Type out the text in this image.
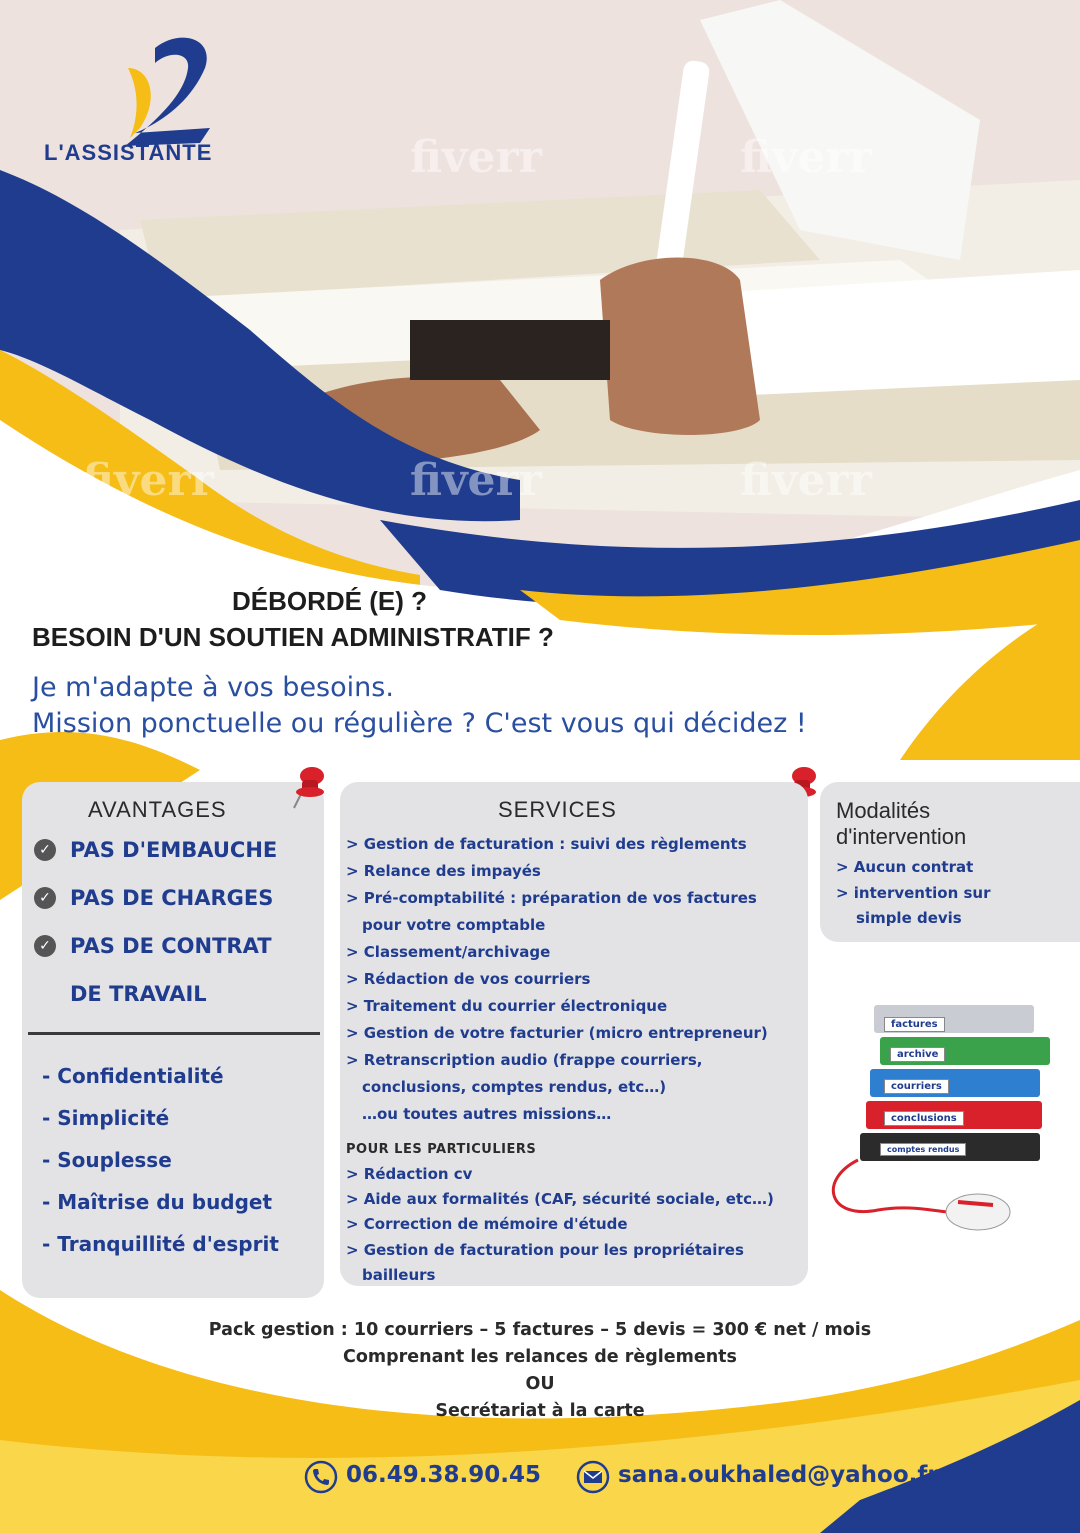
fiverr	fiverr
fiverr	fiverr	fiverr
L'ASSISTANTE
DÉBORDÉ (E) ?
BESOIN D'UN SOUTIEN ADMINISTRATIF ?
Je m'adapte à vos besoins.
Mission ponctuelle ou régulière ? C'est vous qui décidez !
AVANTAGES
✓ PAS D'EMBAUCHE
✓ PAS DE CHARGES
✓ PAS DE CONTRAT
DE TRAVAIL
- Confidentialité
- Simplicité
- Souplesse
- Maîtrise du budget
- Tranquillité d'esprit
SERVICES
> Gestion de facturation : suivi des règlements
> Relance des impayés
> Pré-comptabilité : préparation de vos factures
pour votre comptable
> Classement/archivage
> Rédaction de vos courriers
> Traitement du courrier électronique
> Gestion de votre facturier (micro entrepreneur)
> Retranscription audio (frappe courriers,
conclusions, comptes rendus, etc…)
…ou toutes autres missions…
POUR LES PARTICULIERS
> Rédaction cv
> Aide aux formalités (CAF, sécurité sociale, etc…)
> Correction de mémoire d'étude
> Gestion de facturation pour les propriétaires
bailleurs
Modalités
d'intervention
> Aucun contrat
> intervention sur
simple devis
factures
archive
courriers
conclusions
comptes rendus
Pack gestion : 10 courriers – 5 factures – 5 devis = 300 € net / mois
Comprenant les relances de règlements
OU
Secrétariat à la carte
06.49.38.90.45	sana.oukhaled@yahoo.fr
